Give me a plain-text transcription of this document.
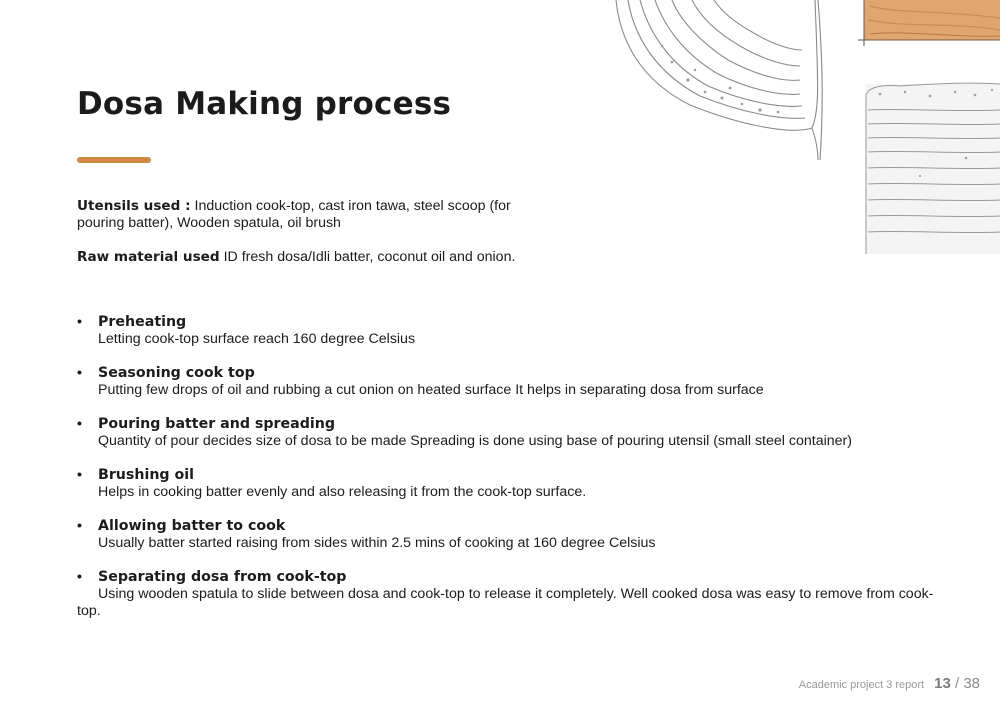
Dosa Making process

Utensils used : Induction cook-top, cast iron tawa, steel scoop (for pouring batter), Wooden spatula, oil brush

Raw material used ID fresh dosa/Idli batter, coconut oil and onion.

•	Preheating
Letting cook-top surface reach 160 degree Celsius
•	Seasoning cook top
Putting few drops of oil and rubbing a cut onion on heated surface It helps in separating dosa from surface
•	Pouring batter and spreading
Quantity of pour decides size of dosa to be made Spreading is done using base of pouring utensil (small steel container)
•	Brushing oil
Helps in cooking batter evenly and also releasing it from the cook-top surface.
•	Allowing batter to cook
Usually batter started raising from sides within 2.5 mins of cooking at 160 degree Celsius
•	Separating dosa from cook-top
Using wooden spatula to slide between dosa and cook-top to release it completely. Well cooked dosa was easy to remove from cook-top.
Academic project 3 report 13 / 38
